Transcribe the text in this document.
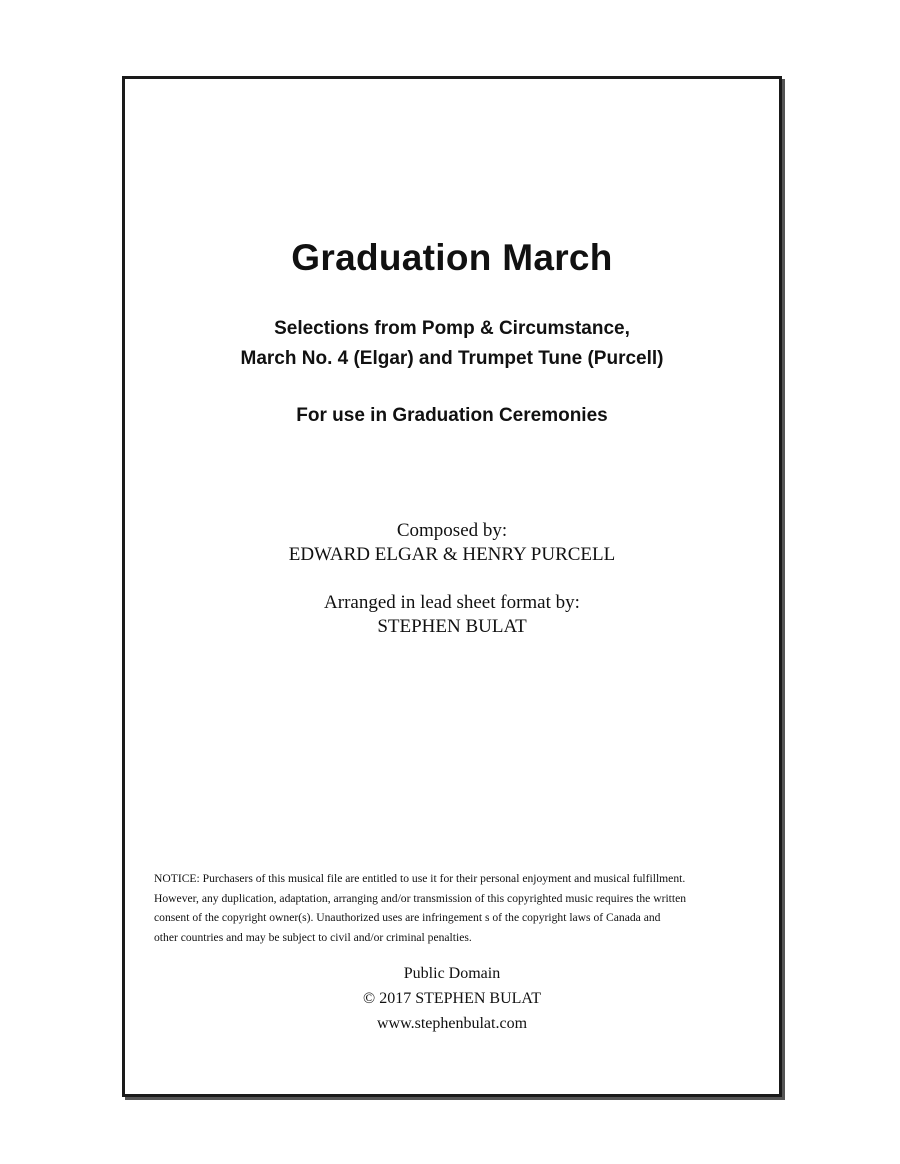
Graduation March

Selections from Pomp & Circumstance,

March No. 4 (Elgar) and Trumpet Tune (Purcell)

For use in Graduation Ceremonies

Composed by:

EDWARD ELGAR & HENRY PURCELL

Arranged in lead sheet format by:

STEPHEN BULAT

NOTICE: Purchasers of this musical file are entitled to use it for their personal enjoyment and musical fulfillment.
However, any duplication, adaptation, arranging and/or transmission of this copyrighted music requires the written
consent of the copyright owner(s). Unauthorized uses are infringement s of the copyright laws of Canada and
other countries and may be subject to civil and/or criminal penalties.

Public Domain

© 2017 STEPHEN BULAT

www.stephenbulat.com
